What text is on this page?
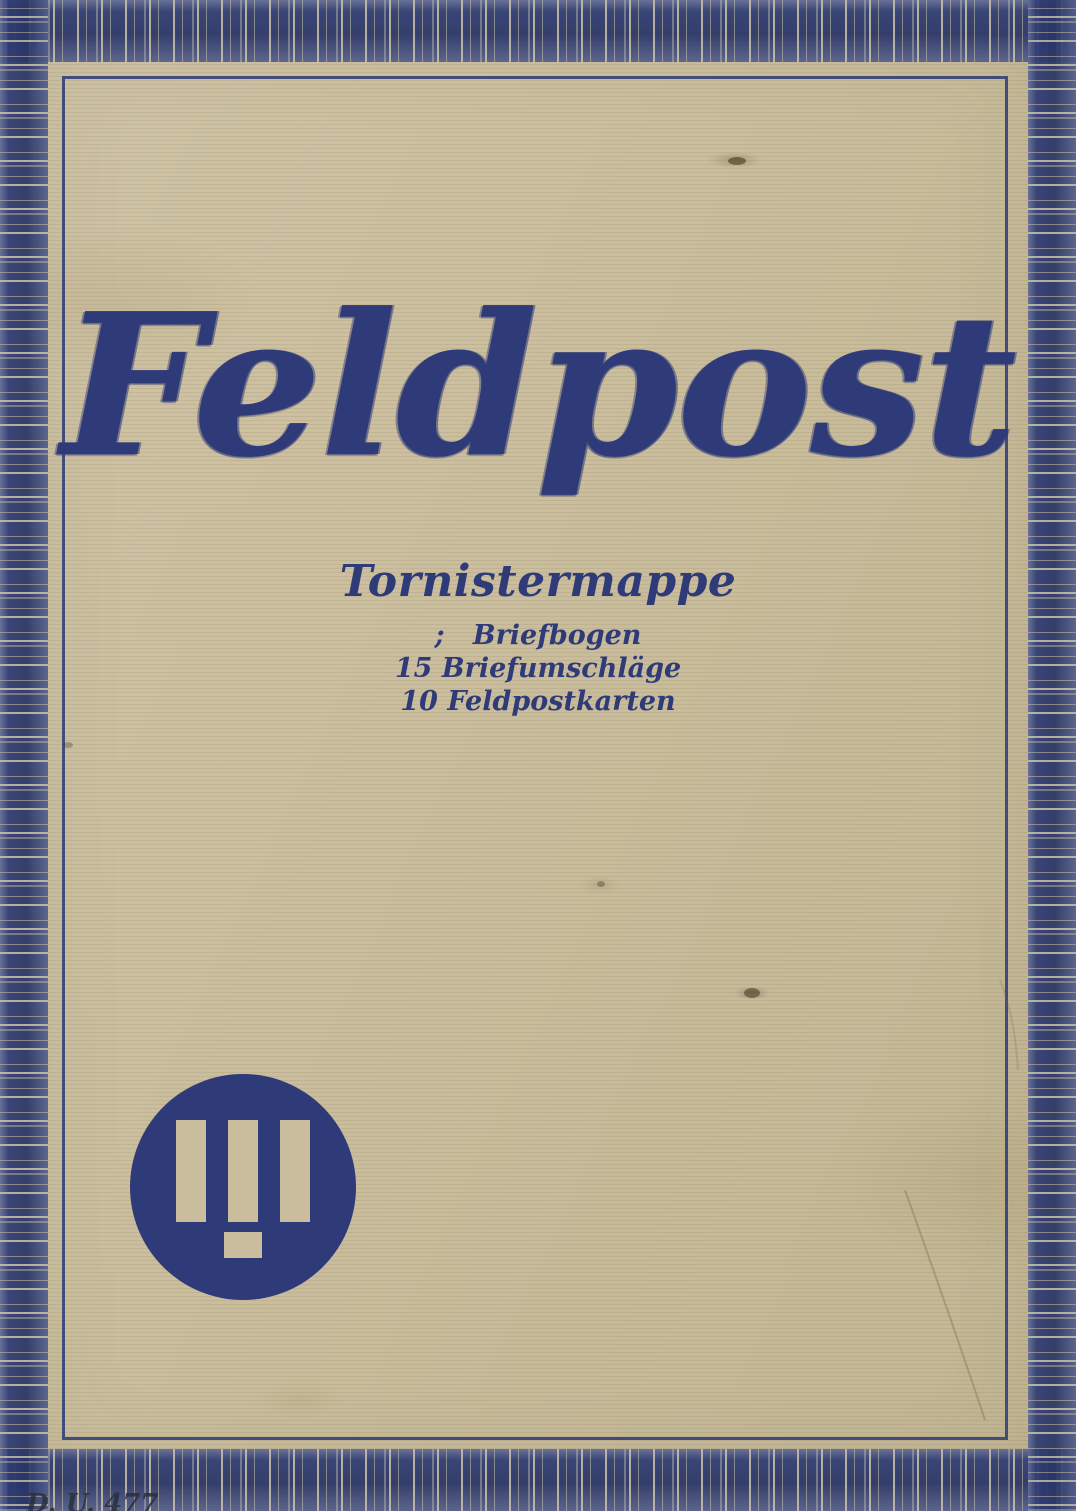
Feldpost
Tornistermappe
;   Briefbogen
15 Briefumschläge
10 Feldpostkarten
D. U. 477
